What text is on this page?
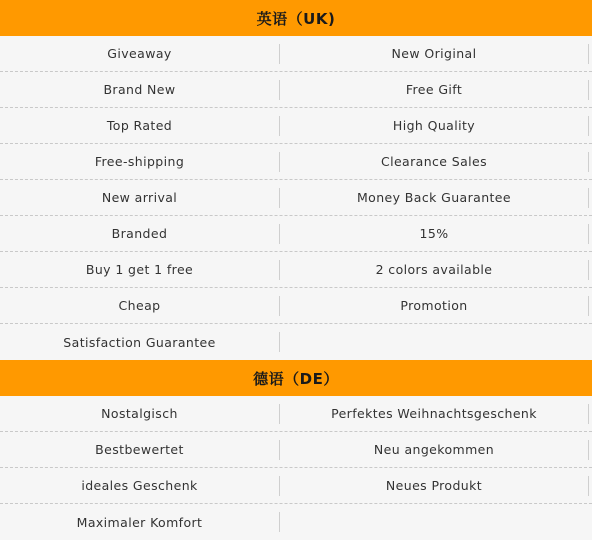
英语（UK)
Giveaway	New Original
Brand New	Free Gift
Top Rated	High Quality
Free-shipping	Clearance Sales
New arrival	Money Back Guarantee
Branded	15%
Buy 1 get 1 free	2 colors available
Cheap	Promotion
Satisfaction Guarantee
德语（DE）
Nostalgisch	Perfektes Weihnachtsgeschenk
Bestbewertet	Neu angekommen
ideales Geschenk	Neues Produkt
Maximaler Komfort
